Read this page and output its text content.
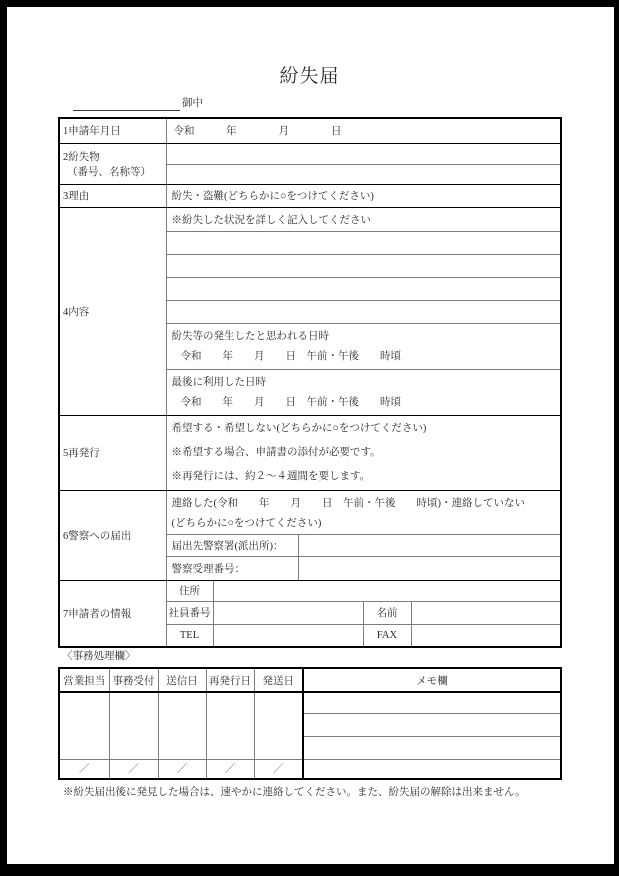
紛失届
御中
1申請年月日	令和　　　年　　　　月　　　　日				

2紛失物
（番号、名称等）					

3理由	紛失・盗難(どちらかに○をつけてください)				
4内容	※紛失した状況を詳しく記入してください				

	紛失等の発生したと思われる日時
令和　　年　　月　　日　午前・午後　　時頃				

	最後に利用した日時
令和　　年　　月　　日　午前・午後　　時頃				

5再発行	希望する・希望しない(どちらかに○をつけてください)
※希望する場合、申請書の添付が必要です。
※再発行には、約２～４週間を要します。				

6警察への届出	連絡した(令和　　年　　月　　日　午前・午後　　時頃)・連絡していない
(どちらかに○をつけてください)				

	届出先警察署(派出所)：				
	警察受理番号：				
7申請者の情報	住所				
	社員番号			名前	
	TEL			FAX	
〈事務処理欄〉
営業担当	事務受付	送信日	再発行日	発送日	メモ欄

／	／	／	／	／	
※紛失届出後に発見した場合は、速やかに連絡してください。また、紛失届の解除は出来ません。
